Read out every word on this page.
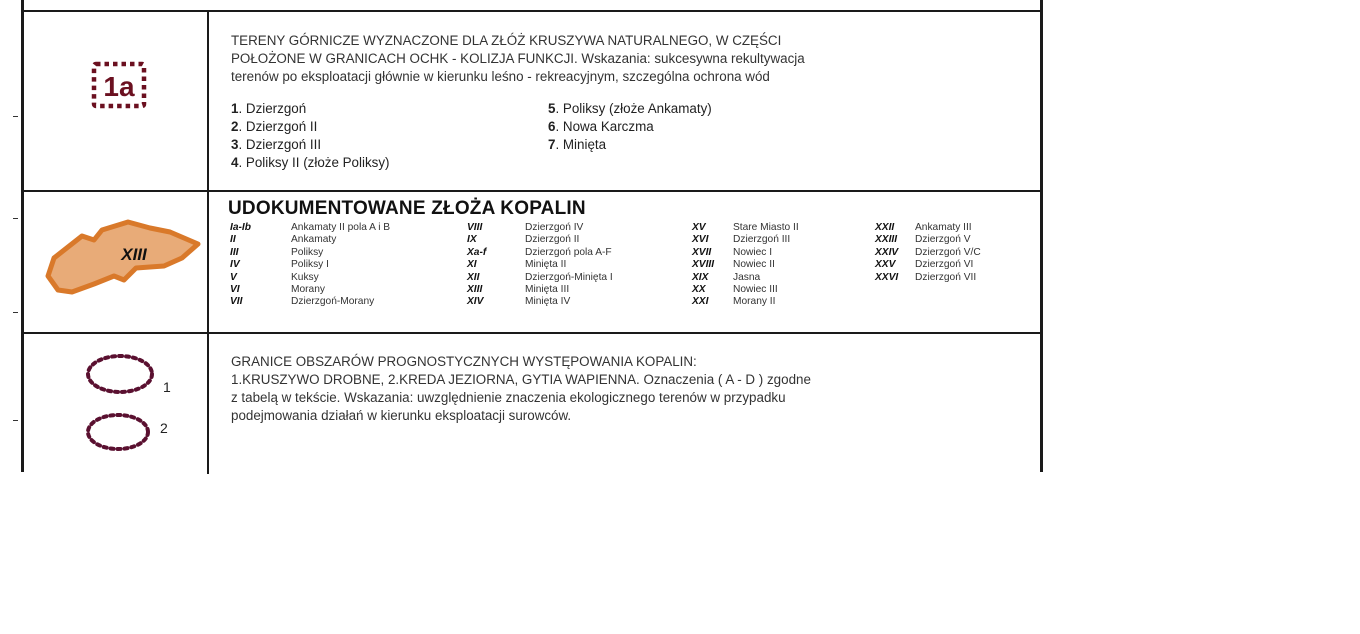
1a

TERENY GÓRNICZE WYZNACZONE DLA ZŁÓŻ KRUSZYWA NATURALNEGO, W CZĘŚCI
POŁOŻONE W GRANICACH OCHK - KOLIZJA FUNKCJI. Wskazania: sukcesywna rekultywacja
terenów po eksploatacji głównie w kierunku leśno - rekreacyjnym, szczególna ochrona wód

1. Dzierzgoń
2. Dzierzgoń II
3. Dzierzgoń III
4. Poliksy II (złoże Poliksy)
5. Poliksy (złoże Ankamaty)
6. Nowa Karczma
7. Minięta
XIII
UDOKUMENTOWANE ZŁOŻA KOPALIN
Ia-Ib	Ankamaty II pola A i B
II	Ankamaty
III	Poliksy
IV	Poliksy I
V	Kuksy
VI	Morany
VII	Dzierzgoń-Morany
VIII	Dzierzgoń IV
IX	Dzierzgoń II
Xa-f	Dzierzgoń pola A-F
XI	Minięta II
XII	Dzierzgoń-Minięta I
XIII	Minięta III
XIV	Minięta IV
XV	Stare Miasto II
XVI	Dzierzgoń III
XVII	Nowiec I
XVIII	Nowiec II
XIX	Jasna
XX	Nowiec III
XXI	Morany II
XXII	Ankamaty III
XXIII	Dzierzgoń V
XXIV	Dzierzgoń V/C
XXV	Dzierzgoń VI
XXVI	Dzierzgoń VII
1
2

GRANICE OBSZARÓW PROGNOSTYCZNYCH WYSTĘPOWANIA KOPALIN:
1.KRUSZYWO DROBNE, 2.KREDA JEZIORNA, GYTIA WAPIENNA. Oznaczenia ( A - D ) zgodne
z tabelą w tekście. Wskazania: uwzględnienie znaczenia ekologicznego terenów w przypadku
podejmowania działań w kierunku eksploatacji surowców.
